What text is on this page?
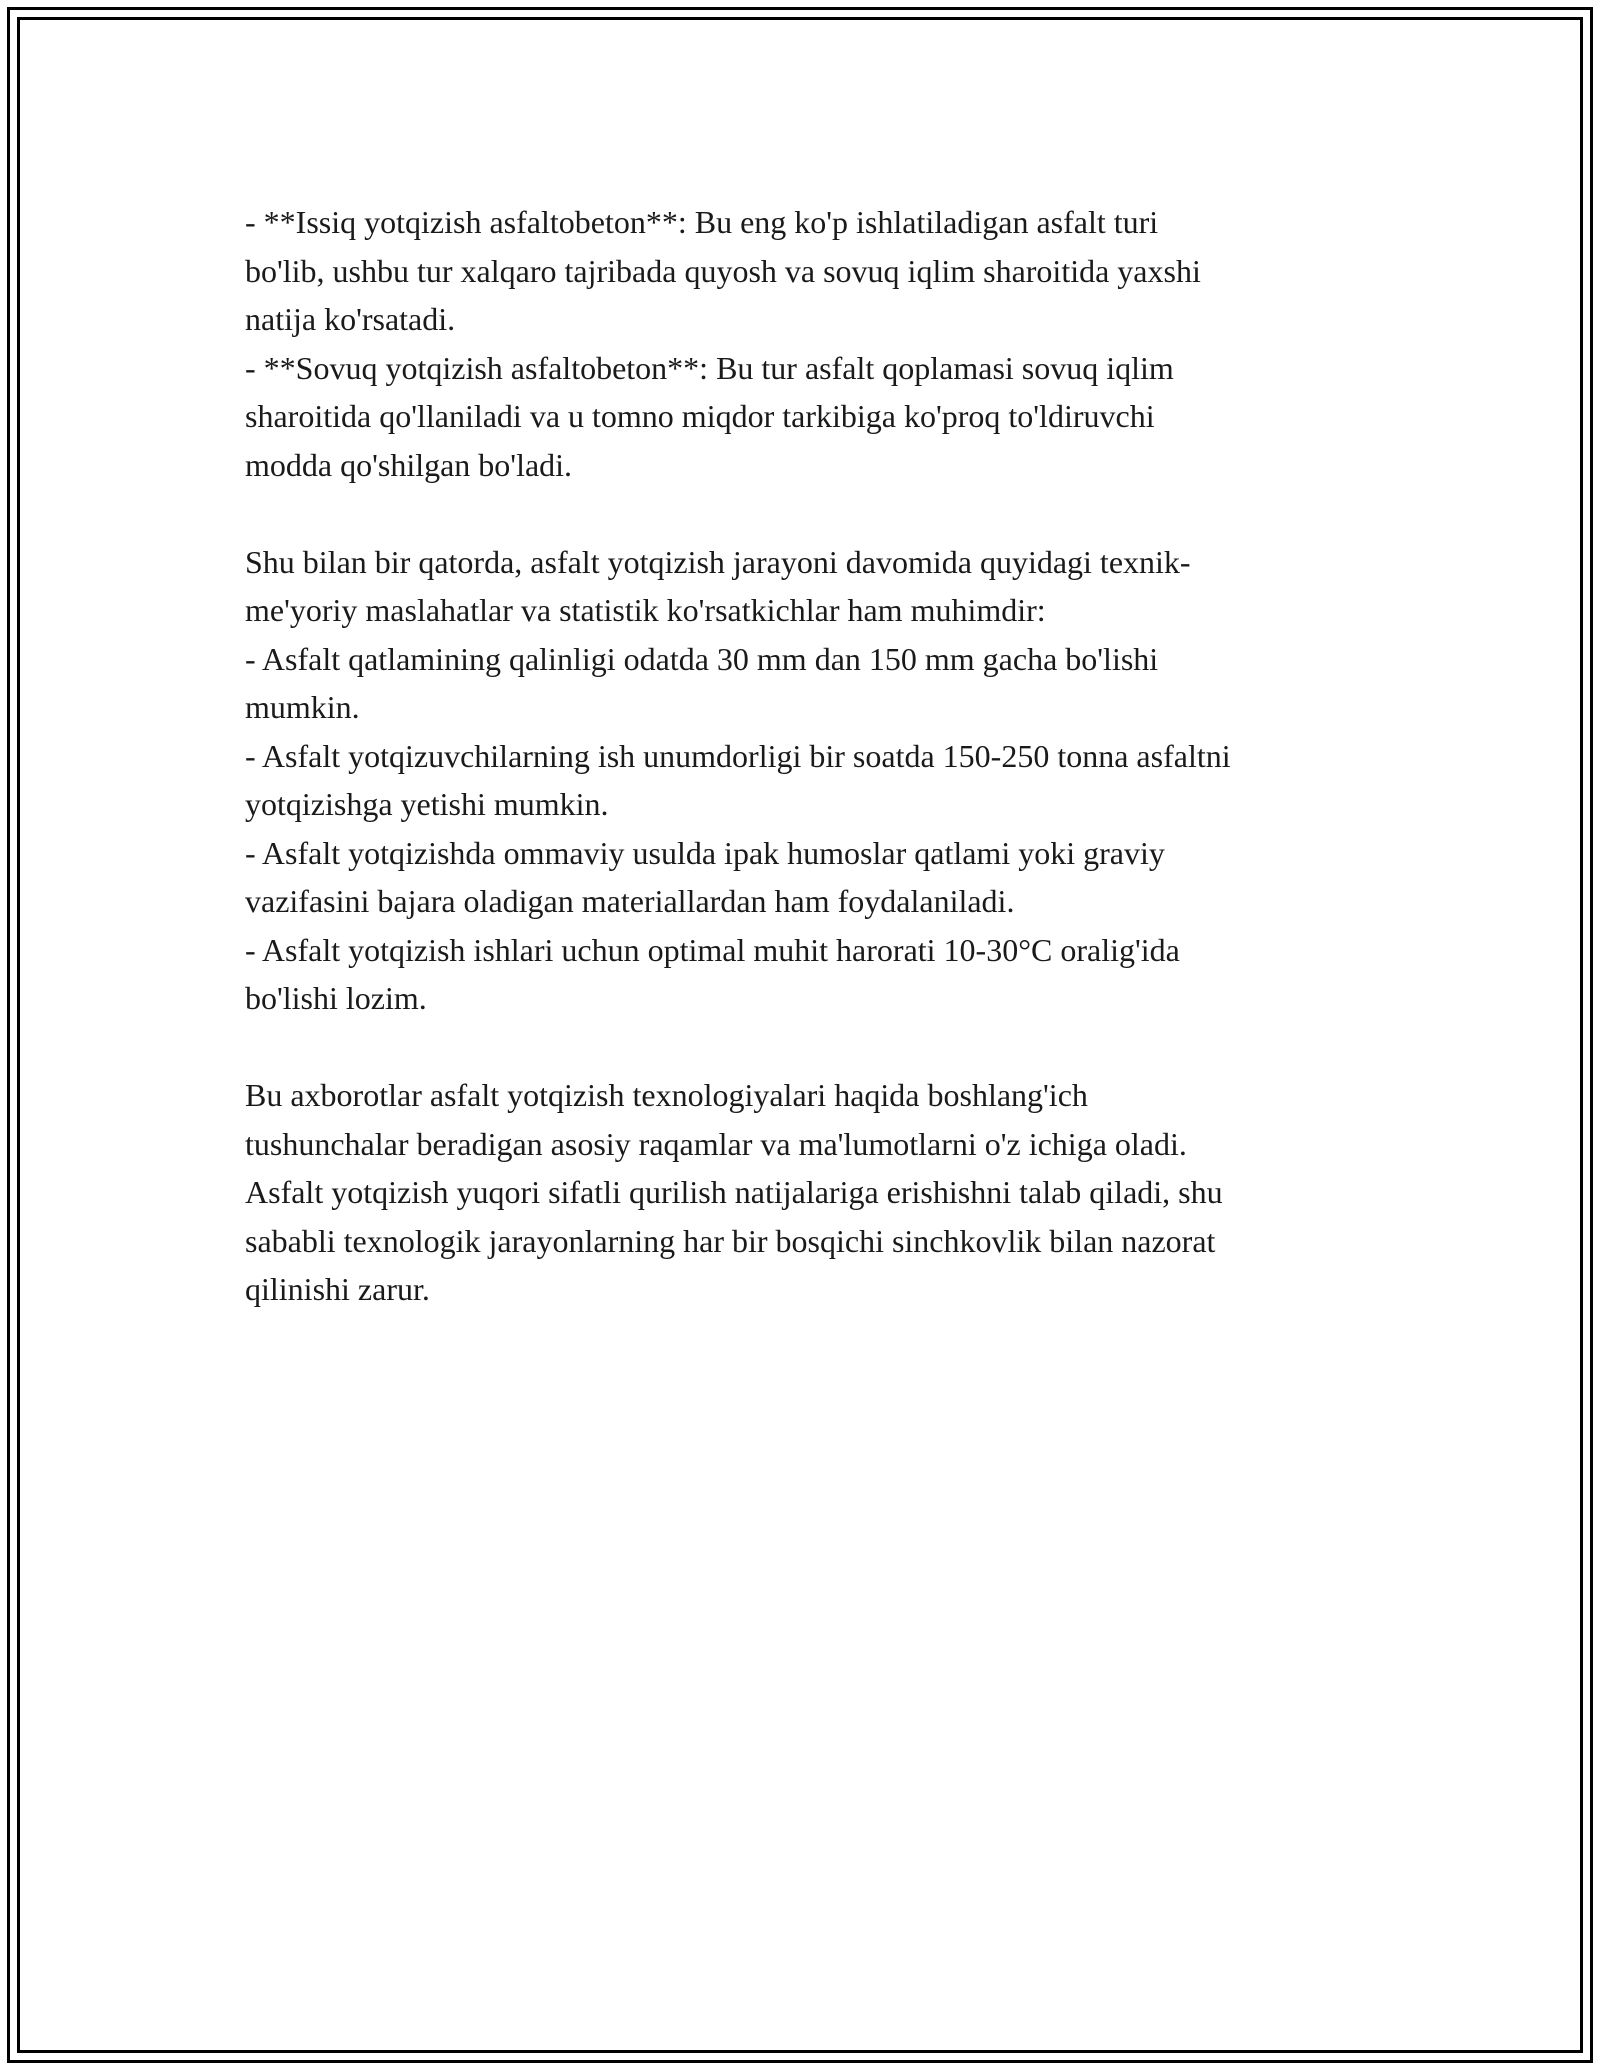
- **Issiq yotqizish asfaltobeton**: Bu eng ko'p ishlatiladigan asfalt turi
bo'lib, ushbu tur xalqaro tajribada quyosh va sovuq iqlim sharoitida yaxshi
natija ko'rsatadi.
- **Sovuq yotqizish asfaltobeton**: Bu tur asfalt qoplamasi sovuq iqlim
sharoitida qo'llaniladi va u tomno miqdor tarkibiga ko'proq to'ldiruvchi
modda qo'shilgan bo'ladi.

Shu bilan bir qatorda, asfalt yotqizish jarayoni davomida quyidagi texnik-
me'yoriy maslahatlar va statistik ko'rsatkichlar ham muhimdir:
- Asfalt qatlamining qalinligi odatda 30 mm dan 150 mm gacha bo'lishi
mumkin.
- Asfalt yotqizuvchilarning ish unumdorligi bir soatda 150-250 tonna asfaltni
yotqizishga yetishi mumkin.
- Asfalt yotqizishda ommaviy usulda ipak humoslar qatlami yoki graviy
vazifasini bajara oladigan materiallardan ham foydalaniladi.
- Asfalt yotqizish ishlari uchun optimal muhit harorati 10-30°C oralig'ida
bo'lishi lozim.

Bu axborotlar asfalt yotqizish texnologiyalari haqida boshlang'ich
tushunchalar beradigan asosiy raqamlar va ma'lumotlarni o'z ichiga oladi.
Asfalt yotqizish yuqori sifatli qurilish natijalariga erishishni talab qiladi, shu
sababli texnologik jarayonlarning har bir bosqichi sinchkovlik bilan nazorat
qilinishi zarur.
